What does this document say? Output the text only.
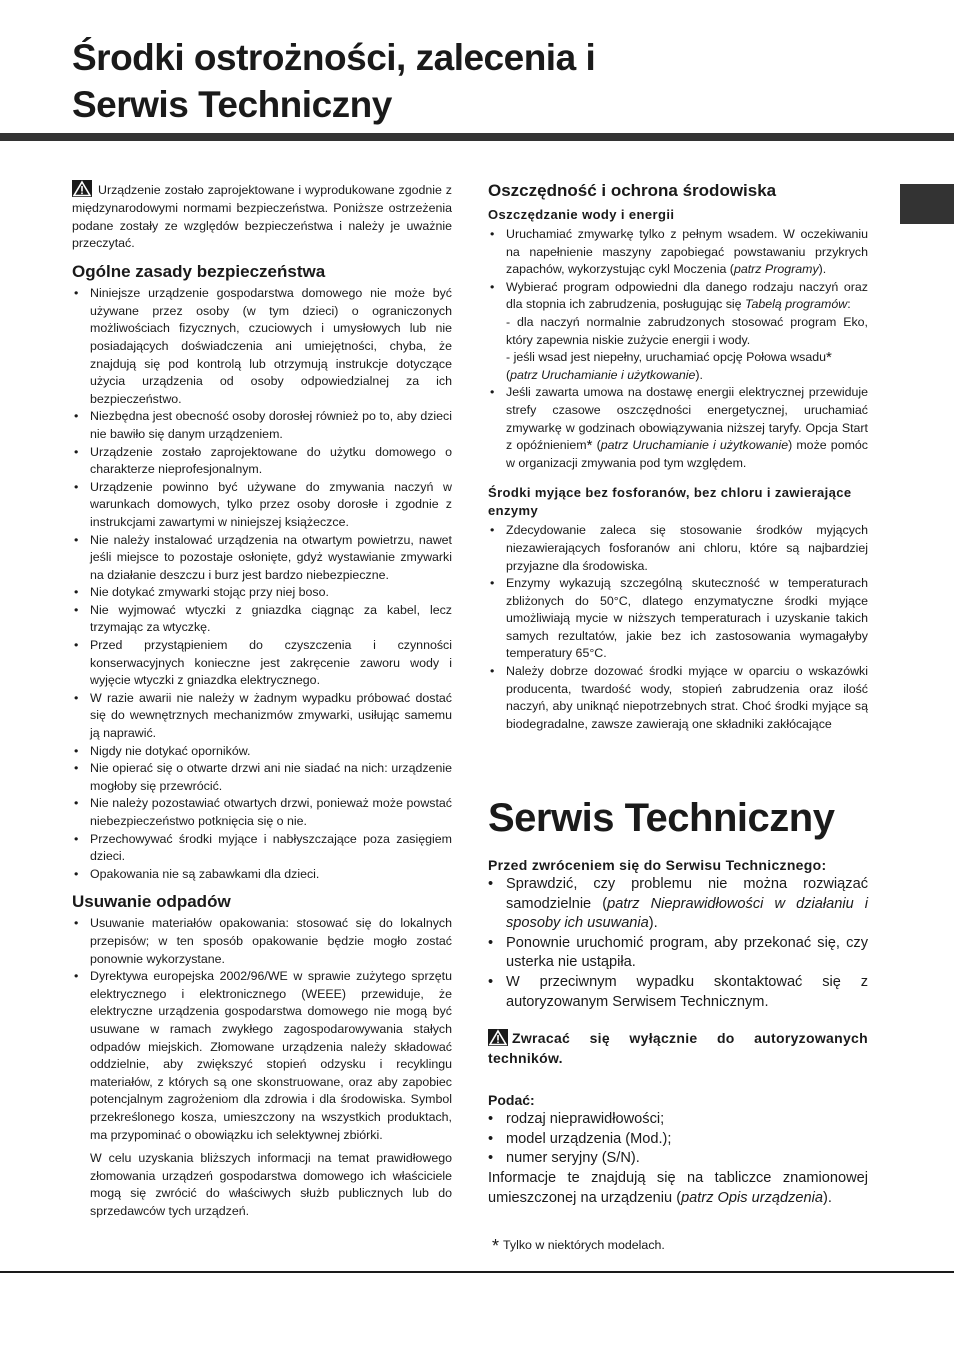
Środki ostrożności, zalecenia i
Serwis Techniczny

Urządzenie zostało zaprojektowane i wyprodukowane zgodnie z międzynarodowymi normami bezpieczeństwa. Poniższe ostrzeżenia podane zostały ze względów bezpieczeństwa i należy je uważnie przeczytać.

Ogólne zasady bezpieczeństwa
• Niniejsze urządzenie gospodarstwa domowego nie może być używane przez osoby (w tym dzieci) o ograniczonych możliwościach fizycznych, czuciowych i umysłowych lub nie posiadających doświadczenia ani umiejętności, chyba, że znajdują się pod kontrolą lub otrzymują instrukcje dotyczące użycia urządzenia od osoby odpowiedzialnej za ich bezpieczeństwo.
• Niezbędna jest obecność osoby dorosłej również po to, aby dzieci nie bawiło się danym urządzeniem.
• Urządzenie zostało zaprojektowane do użytku domowego o charakterze nieprofesjonalnym.
• Urządzenie powinno być używane do zmywania naczyń w warunkach domowych, tylko przez osoby dorosłe i zgodnie z instrukcjami zawartymi w niniejszej książeczce.
• Nie należy instalować urządzenia na otwartym powietrzu, nawet jeśli miejsce to pozostaje osłonięte, gdyż wystawianie zmywarki na działanie deszczu i burz jest bardzo niebezpieczne.
• Nie dotykać zmywarki stojąc przy niej boso.
• Nie wyjmować wtyczki z gniazdka ciągnąc za kabel, lecz trzymając za wtyczkę.
• Przed przystąpieniem do czyszczenia i czynności konserwacyjnych konieczne jest zakręcenie zaworu wody i wyjęcie wtyczki z gniazdka elektrycznego.
• W razie awarii nie należy w żadnym wypadku próbować dostać się do wewnętrznych mechanizmów zmywarki, usiłując samemu ją naprawić.
• Nigdy nie dotykać oporników.
• Nie opierać się o otwarte drzwi ani nie siadać na nich: urządzenie mogłoby się przewrócić.
• Nie należy pozostawiać otwartych drzwi, ponieważ może powstać niebezpieczeństwo potknięcia się o nie.
• Przechowywać środki myjące i nabłyszczające poza zasięgiem dzieci.
• Opakowania nie są zabawkami dla dzieci.
Usuwanie odpadów
• Usuwanie materiałów opakowania: stosować się do lokalnych przepisów; w ten sposób opakowanie będzie mogło zostać ponownie wykorzystane.
• Dyrektywa europejska 2002/96/WE w sprawie zużytego sprzętu elektrycznego i elektronicznego (WEEE) przewiduje, że elektryczne urządzenia gospodarstwa domowego nie mogą być usuwane w ramach zwykłego zagospodarowywania stałych odpadów miejskich. Złomowane urządzenia należy składować oddzielnie, aby zwiększyć stopień odzysku i recyklingu materiałów, z których są one skonstruowane, oraz aby zapobiec potencjalnym zagrożeniom dla zdrowia i dla środowiska. Symbol przekreślonego kosza, umieszczony na wszystkich produktach, ma przypominać o obowiązku ich selektywnej zbiórki.

W celu uzyskania bliższych informacji na temat prawidłowego złomowania urządzeń gospodarstwa domowego ich właściciele mogą się zwrócić do właściwych służb publicznych lub do sprzedawców tych urządzeń.

Oszczędność i ochrona środowiska
Oszczędzanie wody i energii
• Uruchamiać zmywarkę tylko z pełnym wsadem. W oczekiwaniu na napełnienie maszyny zapobiegać powstawaniu przykrych zapachów, wykorzystując cykl Moczenia (patrz Programy).
• Wybierać program odpowiedni dla danego rodzaju naczyń oraz dla stopnia ich zabrudzenia, posługując się Tabelą programów:
- dla naczyń normalnie zabrudzonych stosować program Eko, który zapewnia niskie zużycie energii i wody.
- jeśli wsad jest niepełny, uruchamiać opcję Połowa wsadu*
(patrz Uruchamianie i użytkowanie).
• Jeśli zawarta umowa na dostawę energii elektrycznej przewiduje strefy czasowe oszczędności energetycznej, uruchamiać zmywarkę w godzinach obowiązywania niższej taryfy. Opcja Start z opóźnieniem* (patrz Uruchamianie i użytkowanie) może pomóc w organizacji zmywania pod tym względem.
Środki myjące bez fosforanów, bez chloru i zawierające enzymy
• Zdecydowanie zaleca się stosowanie środków myjących niezawierających fosforanów ani chloru, które są najbardziej przyjazne dla środowiska.
• Enzymy wykazują szczególną skuteczność w temperaturach zbliżonych do 50°C, dlatego enzymatyczne środki myjące umożliwiają mycie w niższych temperaturach i uzyskanie takich samych rezultatów, jakie bez ich zastosowania wymagałyby temperatury 65°C.
• Należy dobrze dozować środki myjące w oparciu o wskazówki producenta, twardość wody, stopień zabrudzenia oraz ilość naczyń, aby uniknąć niepotrzebnych strat. Choć środki myjące są biodegradalne, zawsze zawierają one składniki zakłócające
Serwis Techniczny

Przed zwróceniem się do Serwisu Technicznego:

• Sprawdzić, czy problemu nie można rozwiązać samodzielnie (patrz Nieprawidłowości w działaniu i sposoby ich usuwania).
• Ponownie uruchomić program, aby przekonać się, czy usterka nie ustąpiła.
• W przeciwnym wypadku skontaktować się z autoryzowanym Serwisem Technicznym.

Zwracać się wyłącznie do autoryzowanych techników.

Podać:

• rodzaj nieprawidłowości;
• model urządzenia (Mod.);
• numer seryjny (S/N).

Informacje te znajdują się na tabliczce znamionowej umieszczonej na urządzeniu (patrz Opis urządzenia).

* Tylko w niektórych modelach.
